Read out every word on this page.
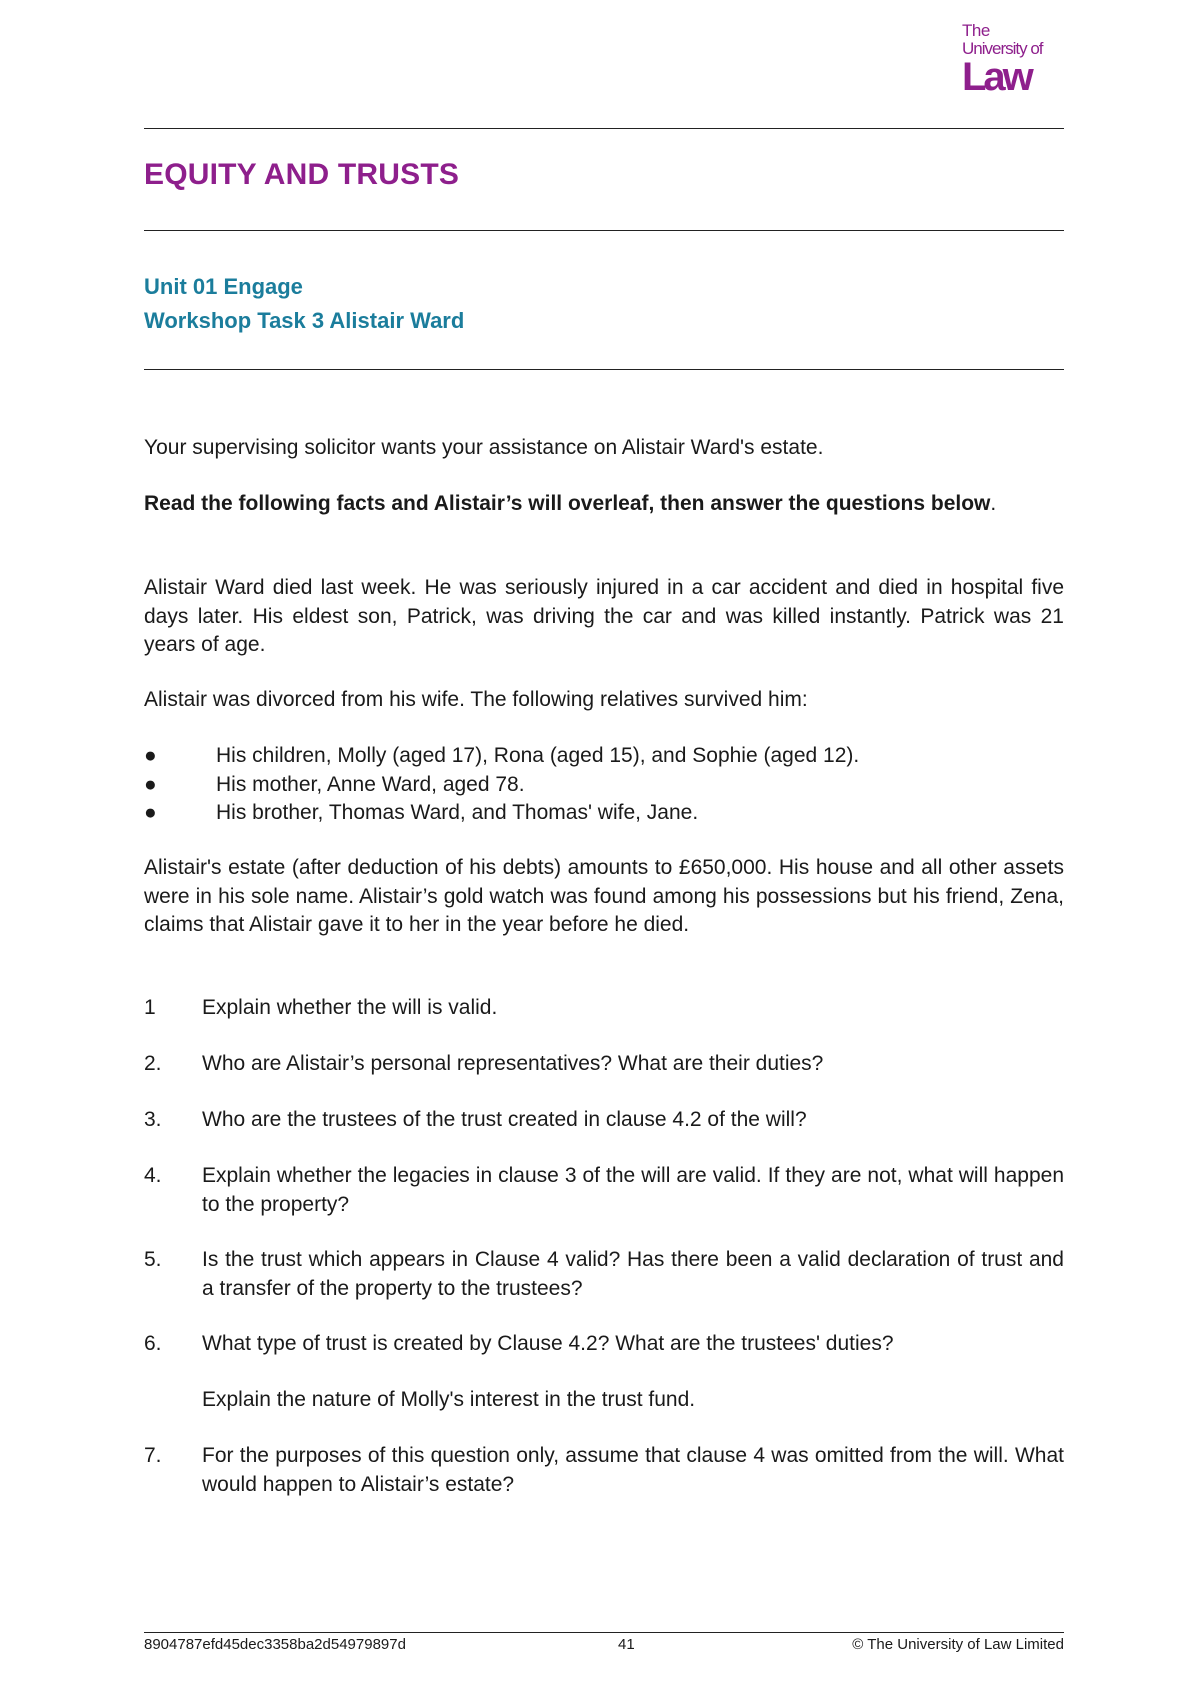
The
University of
Law
EQUITY AND TRUSTS
Unit 01 Engage
Workshop Task 3 Alistair Ward

Your supervising solicitor wants your assistance on Alistair Ward's estate.

Read the following facts and Alistair’s will overleaf, then answer the questions below.

Alistair Ward died last week. He was seriously injured in a car accident and died in hospital five days later. His eldest son, Patrick, was driving the car and was killed instantly. Patrick was 21 years of age.

Alistair was divorced from his wife. The following relatives survived him:

●	His children, Molly (aged 17), Rona (aged 15), and Sophie (aged 12).
●	His mother, Anne Ward, aged 78.
●	His brother, Thomas Ward, and Thomas' wife, Jane.

Alistair's estate (after deduction of his debts) amounts to £650,000. His house and all other assets were in his sole name. Alistair’s gold watch was found among his possessions but his friend, Zena, claims that Alistair gave it to her in the year before he died.

1 Explain whether the will is valid.
2. Who are Alistair’s personal representatives? What are their duties?
3. Who are the trustees of the trust created in clause 4.2 of the will?
4. Explain whether the legacies in clause 3 of the will are valid. If they are not, what will happen to the property?
5. Is the trust which appears in Clause 4 valid? Has there been a valid declaration of trust and a transfer of the property to the trustees?
6. What type of trust is created by Clause 4.2? What are the trustees' duties?
Explain the nature of Molly's interest in the trust fund.
7. For the purposes of this question only, assume that clause 4 was omitted from the will. What would happen to Alistair’s estate?
8904787efd45dec3358ba2d54979897d	41	© The University of Law Limited
